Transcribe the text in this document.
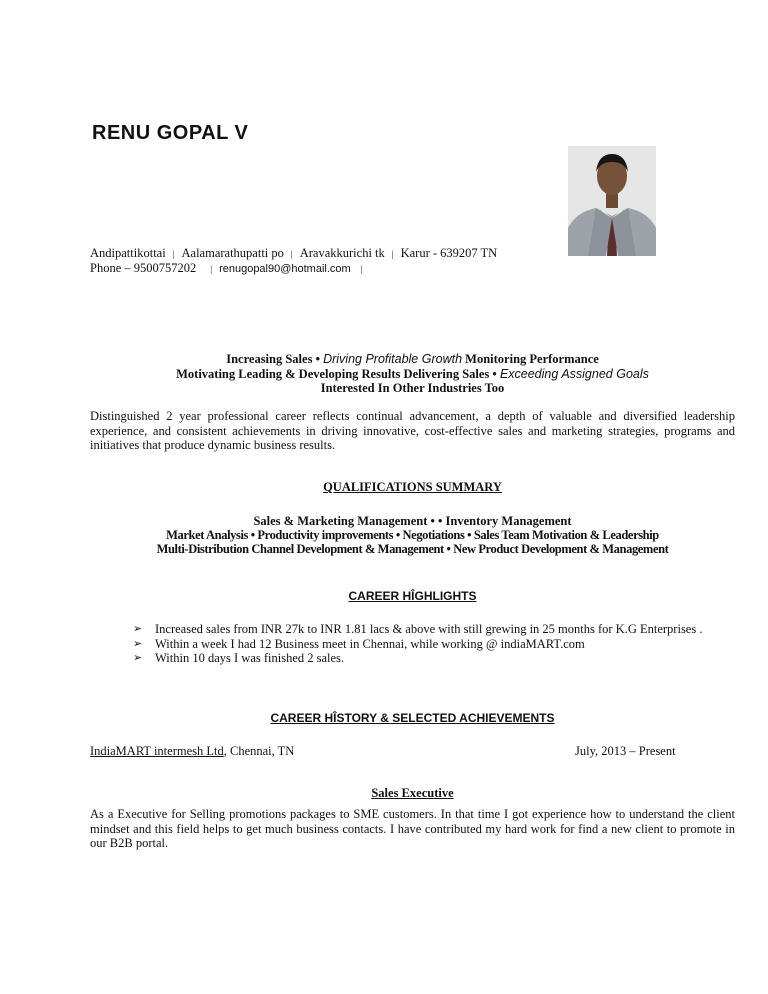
RENU GOPAL V
Andipattikottai | Aalamarathupatti po | Aravakkurichi tk | Karur - 639207 TN
Phone – 9500757202 | renugopal90@hotmail.com |
Increasing Sales • Driving Profitable Growth Monitoring Performance
Motivating Leading & Developing Results Delivering Sales • Exceeding Assigned Goals
Interested In Other Industries Too

Distinguished 2 year professional career reflects continual advancement, a depth of valuable and diversified leadership experience, and consistent achievements in driving innovative, cost-effective sales and marketing strategies, programs and initiatives that produce dynamic business results.

QUALIFICATIONS SUMMARY
Sales & Marketing Management • • Inventory Management
Market Analysis • Productivity improvements • Negotiations • Sales Team Motivation & Leadership
Multi-Distribution Channel Development & Management • New Product Development & Management
CAREER HÎGHLIGHTS
➢ Increased sales from INR 27k to INR 1.81 lacs & above with still grewing in 25 months for K.G Enterprises .
➢ Within a week I had 12 Business meet in Chennai, while working @ indiaMART.com
➢ Within 10 days I was finished 2 sales.
CAREER HÎSTORY & SELECTED ACHIEVEMENTS
IndiaMART intermesh Ltd, Chennai, TN	July, 2013 – Present
Sales Executive

As a Executive for Selling promotions packages to SME customers. In that time I got experience how to understand the client mindset and this field helps to get much business contacts. I have contributed my hard work for find a new client to promote in our B2B portal.
